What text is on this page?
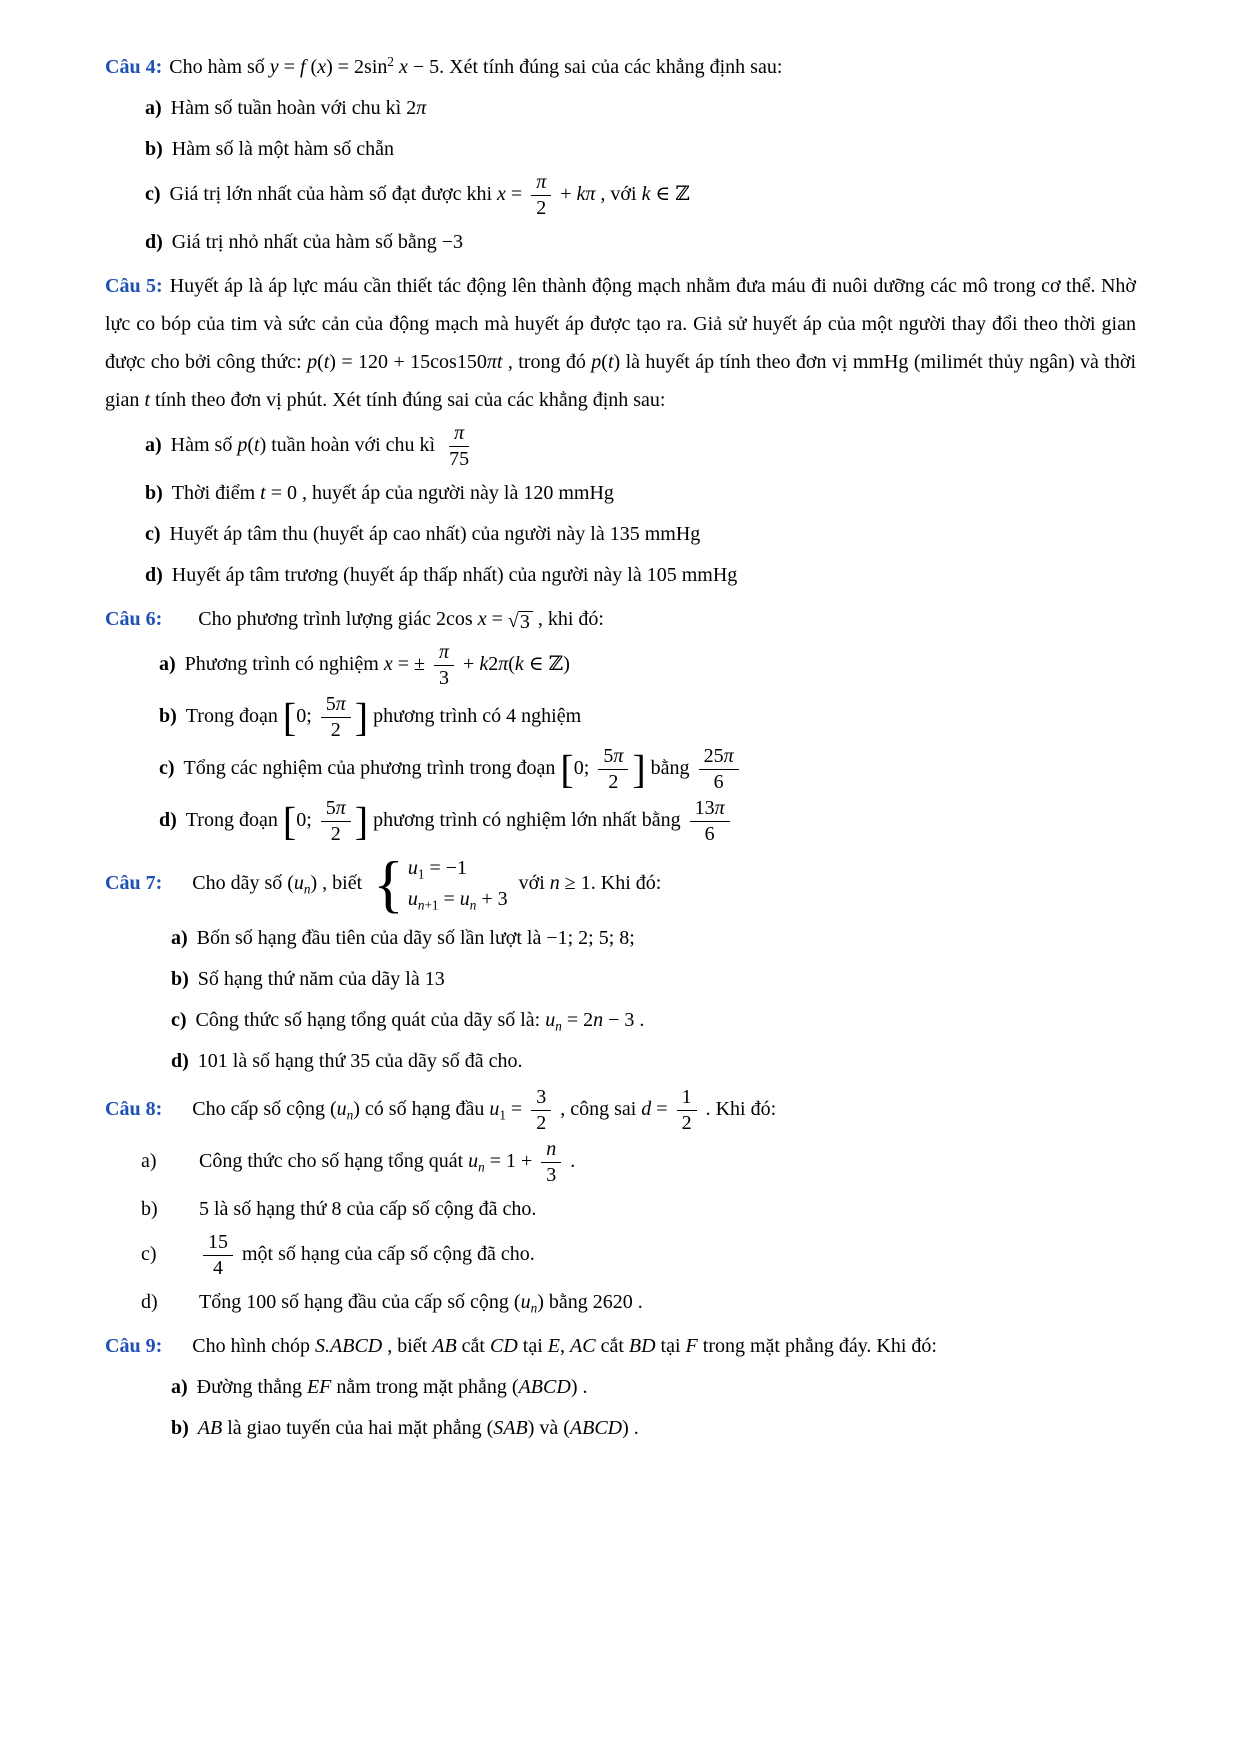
Câu 4: Cho hàm số y = f $(x) = 2\sin^2$ x − 5. Xét tính đúng sai của các khẳng định sau:
a) Hàm số tuần hoàn với chu kì 2π
b) Hàm số là một hàm số chẵn
c) Giá trị lớn nhất của hàm số đạt được khi $x = \frac{\pi}{2} + k\pi$ , với k ∈ ℤ
d) Giá trị nhỏ nhất của hàm số bằng −3
Câu 5: Huyết áp là áp lực máu cần thiết tác động lên thành động mạch nhằm đưa máu đi nuôi dưỡng các mô trong cơ thể. Nhờ lực co bóp của tim và sức cản của động mạch mà huyết áp được tạo ra. Giả sử huyết áp của một người thay đổi theo thời gian được cho bởi công thức: p(t) = 120 + 15cos150πt , trong đó p(t) là huyết áp tính theo đơn vị mmHg (milimét thủy ngân) và thời gian t tính theo đơn vị phút. Xét tính đúng sai của các khẳng định sau:
a) Hàm số p(t) tuần hoàn với chu kì $\frac{\pi}{75}$
b) Thời điểm t = 0 , huyết áp của người này là 120 mmHg
c) Huyết áp tâm thu (huyết áp cao nhất) của người này là 135 mmHg
d) Huyết áp tâm trương (huyết áp thấp nhất) của người này là 105 mmHg
Câu 6: Cho phương trình lượng giác 2cos x = √ 3 , khi đó:
a) Phương trình có nghiệm x = ± $\frac{\pi}{3} + k2\pi(k$ ∈ ℤ)
b) Trong đoạn [0; $\frac{5\pi}{2}$ ] phương trình có 4 nghiệm
c) Tổng các nghiệm của phương trình trong đoạn [0; $\frac{5\pi}{2}$ ] bằng $\frac{25\pi}{6}$
d) Trong đoạn [0; $\frac{5\pi}{2}$ ] phương trình có nghiệm lớn nhất bằng $\frac{13\pi}{6}$
Câu 7: Cho dãy số $(u_n)$ , biết { $u_1 = -1$
$u_{n+1} = u_n + 3$
với n ≥ 1. Khi đó:
a) Bốn số hạng đầu tiên của dãy số lần lượt là −1; 2; 5; 8;
b) Số hạng thứ năm của dãy là 13
c) Công thức số hạng tổng quát của dãy số là: $u_n = 2n - 3$ .
d) 101 là số hạng thứ 35 của dãy số đã cho.
Câu 8: Cho cấp số cộng $(u_n)$ có số hạng đầu $u_1 = \frac{3}{2}$ , công sai $d = \frac{1}{2}$ . Khi đó:
a)	Công thức cho số hạng tổng quát $u_n = 1 + \frac{n}{3}$ .
b)	5 là số hạng thứ 8 của cấp số cộng đã cho.
c)	$\frac{15}{4}$ một số hạng của cấp số cộng đã cho.
d)	Tổng 100 số hạng đầu của cấp số cộng $(u_n)$ bằng 2620 .
Câu 9: Cho hình chóp S.ABCD , biết AB cắt CD tại E, AC cắt BD tại F trong mặt phẳng đáy. Khi đó:
a) Đường thẳng EF nằm trong mặt phẳng (ABCD) .
b) AB là giao tuyến của hai mặt phẳng (SAB) và (ABCD) .
